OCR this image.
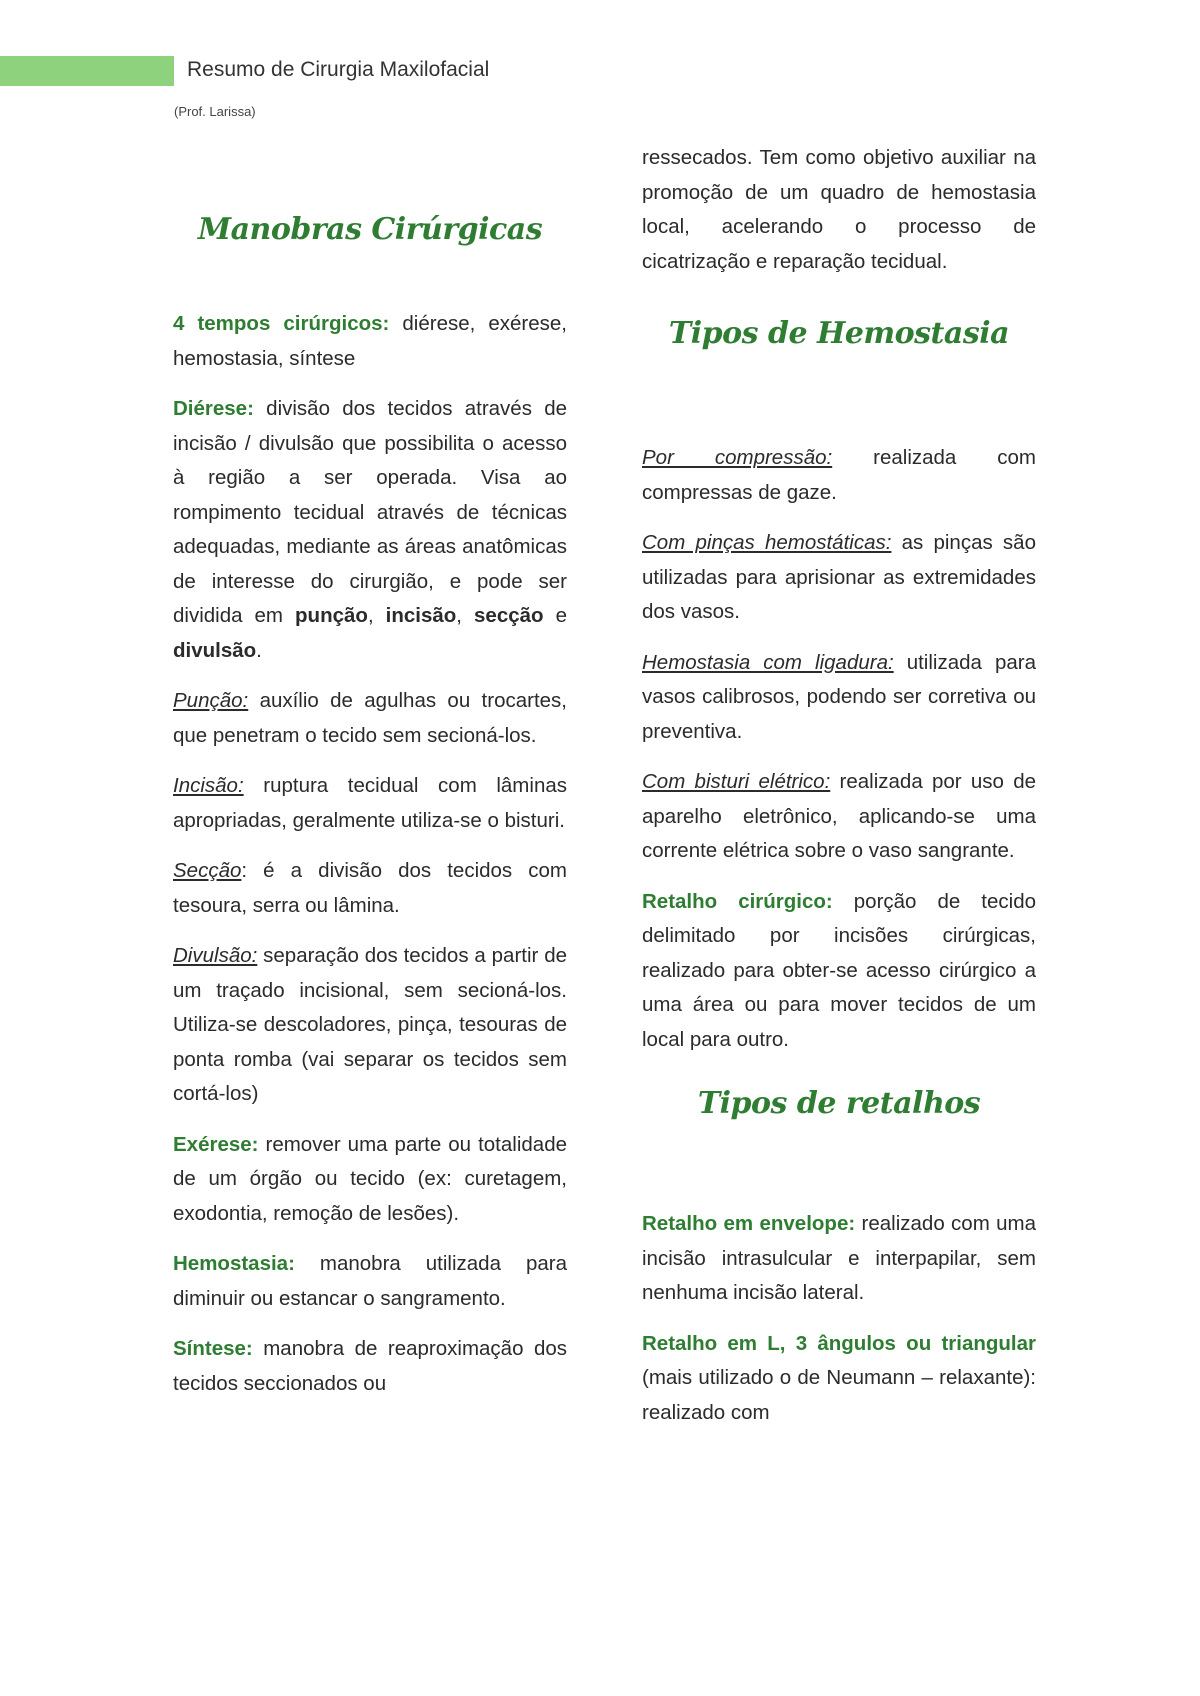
Resumo de Cirurgia Maxilofacial
(Prof. Larissa)
Manobras Cirúrgicas

4 tempos cirúrgicos: diérese, exérese, hemostasia, síntese

Diérese: divisão dos tecidos através de incisão / divulsão que possibilita o acesso à região a ser operada. Visa ao rompimento tecidual através de técnicas adequadas, mediante as áreas anatômicas de interesse do cirurgião, e pode ser dividida em punção, incisão, secção e divulsão.

Punção: auxílio de agulhas ou trocartes, que penetram o tecido sem secioná-los.

Incisão: ruptura tecidual com lâminas apropriadas, geralmente utiliza-se o bisturi.

Secção: é a divisão dos tecidos com tesoura, serra ou lâmina.

Divulsão: separação dos tecidos a partir de um traçado incisional, sem secioná-los. Utiliza-se descoladores, pinça, tesouras de ponta romba (vai separar os tecidos sem cortá-los)

Exérese: remover uma parte ou totalidade de um órgão ou tecido (ex: curetagem, exodontia, remoção de lesões).

Hemostasia: manobra utilizada para diminuir ou estancar o sangramento.

Síntese: manobra de reaproximação dos tecidos seccionados ou

ressecados. Tem como objetivo auxiliar na promoção de um quadro de hemostasia local, acelerando o processo de cicatrização e reparação tecidual.

Tipos de Hemostasia

Por compressão: realizada com compressas de gaze.

Com pinças hemostáticas: as pinças são utilizadas para aprisionar as extremidades dos vasos.

Hemostasia com ligadura: utilizada para vasos calibrosos, podendo ser corretiva ou preventiva.

Com bisturi elétrico: realizada por uso de aparelho eletrônico, aplicando-se uma corrente elétrica sobre o vaso sangrante.

Retalho cirúrgico: porção de tecido delimitado por incisões cirúrgicas, realizado para obter-se acesso cirúrgico a uma área ou para mover tecidos de um local para outro.

Tipos de retalhos

Retalho em envelope: realizado com uma incisão intrasulcular e interpapilar, sem nenhuma incisão lateral.

Retalho em L, 3 ângulos ou triangular (mais utilizado o de Neumann – relaxante): realizado com
